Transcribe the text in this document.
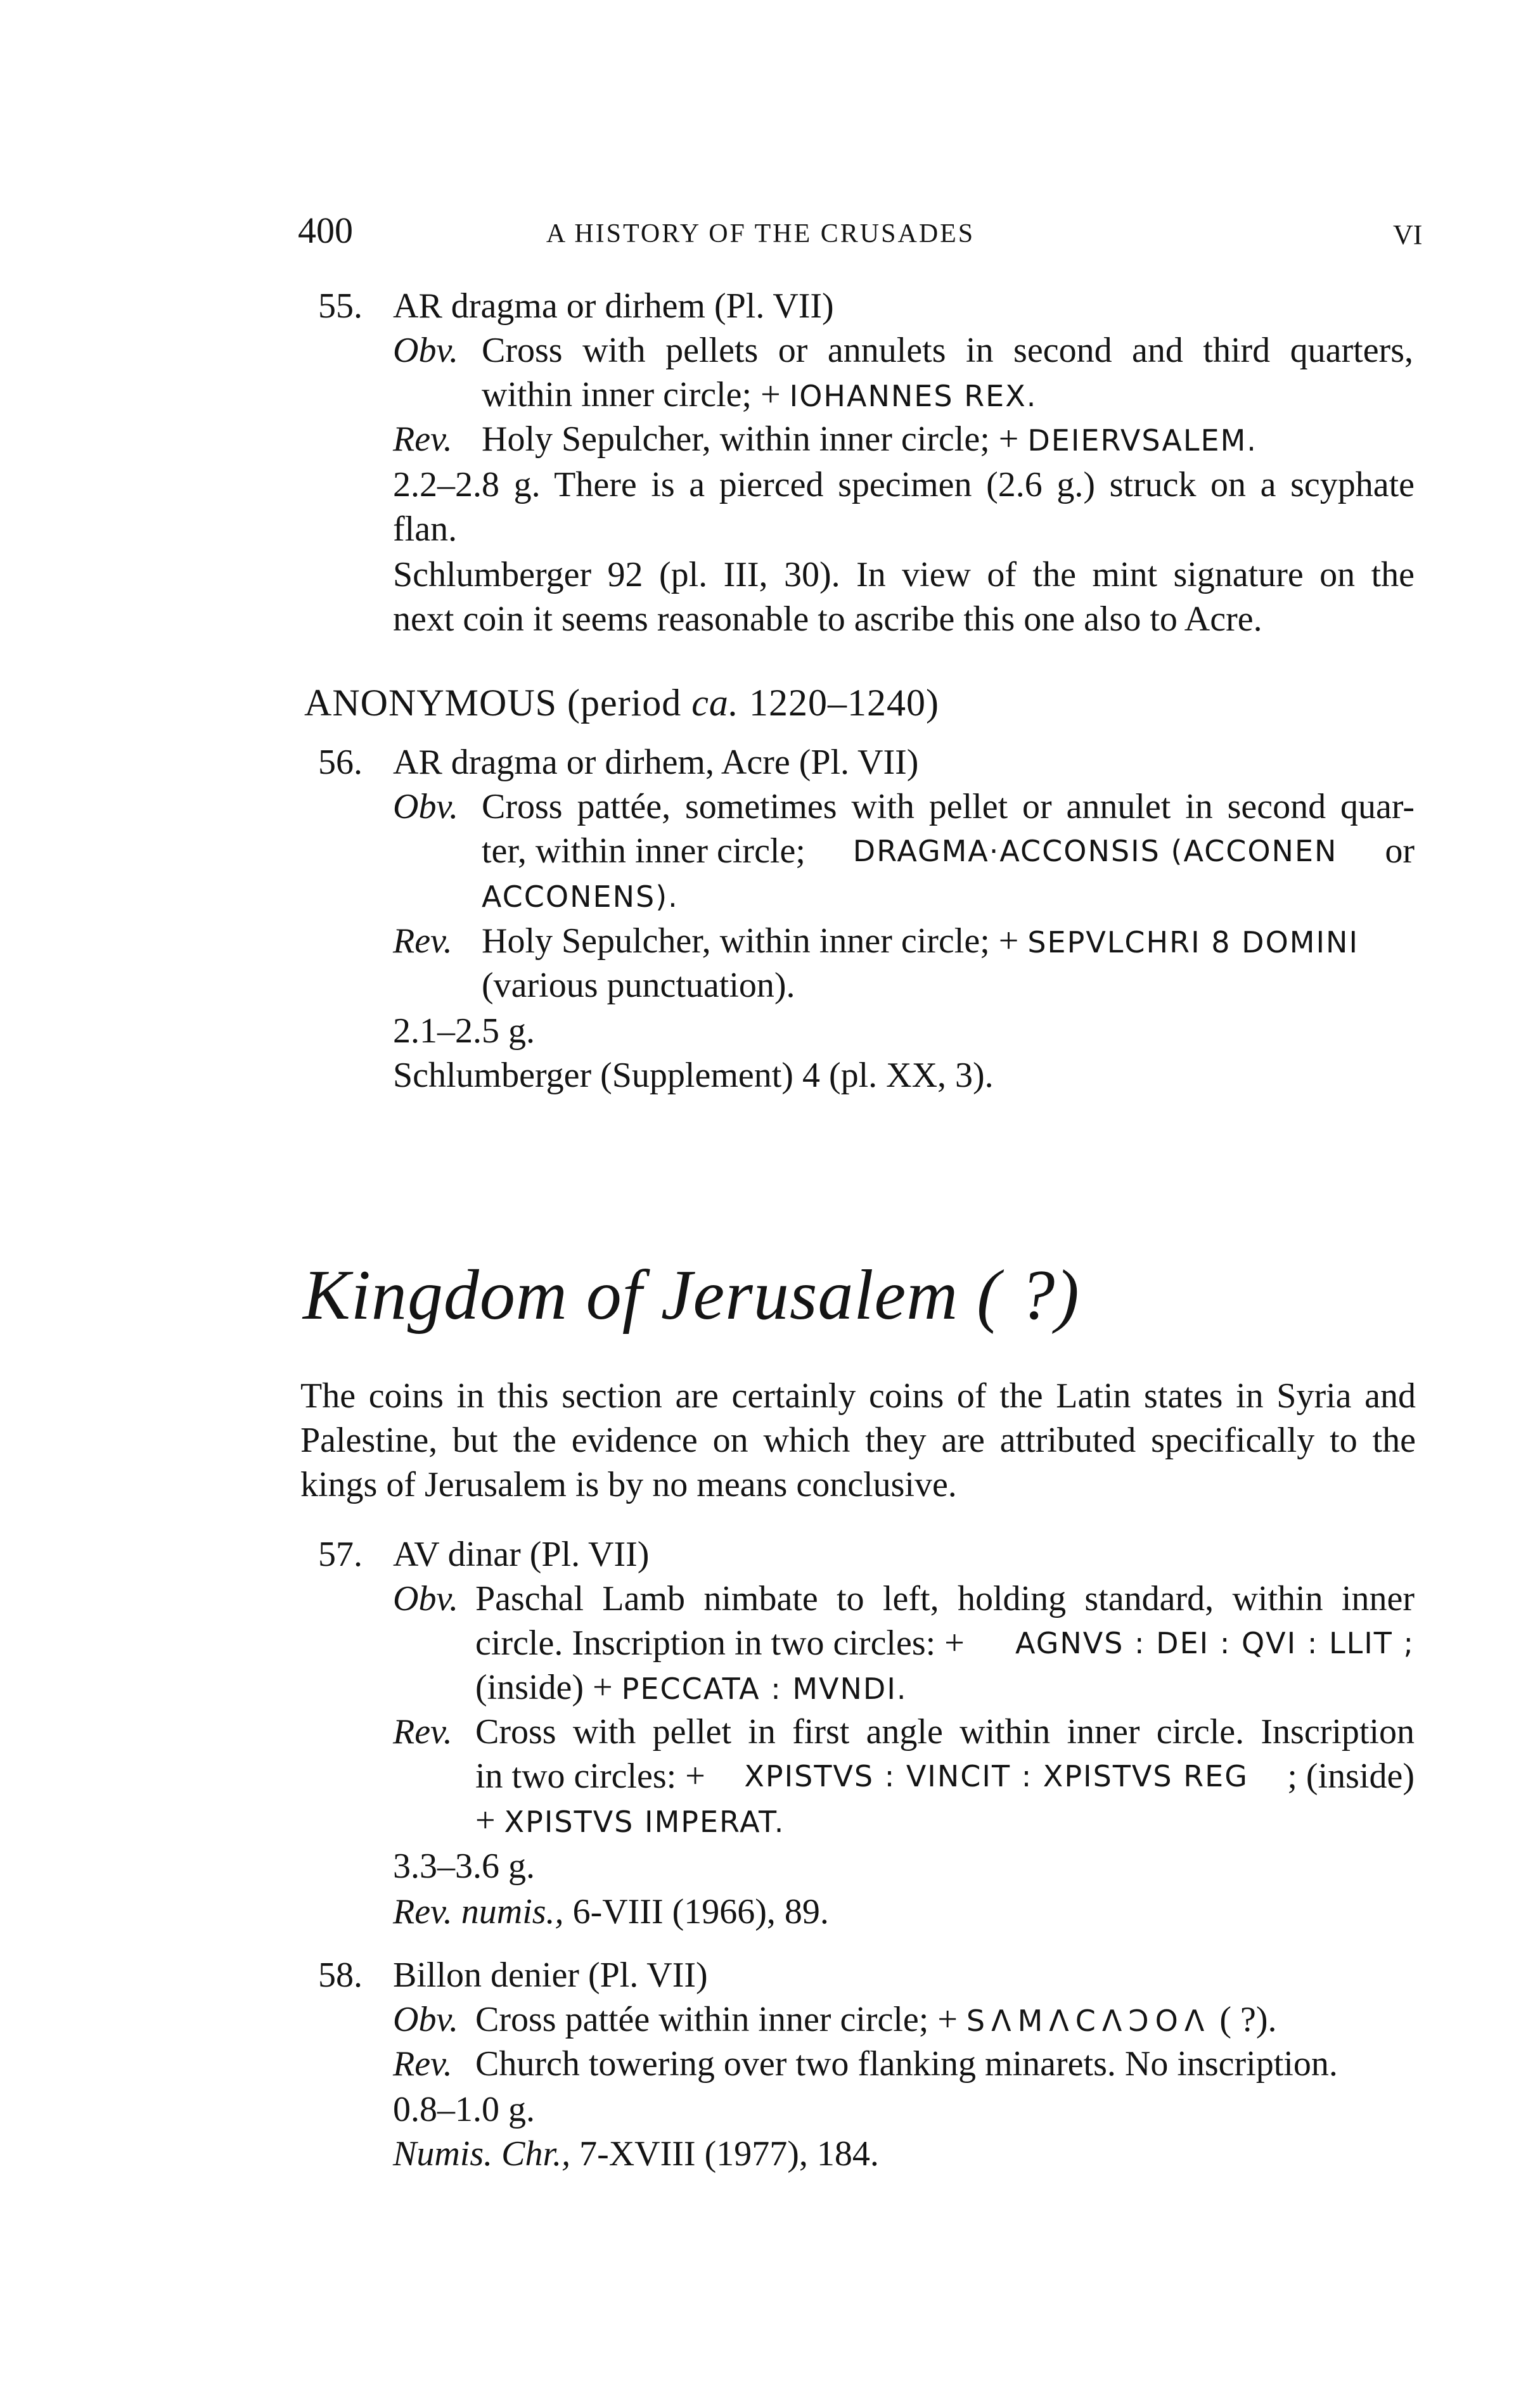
400	A HISTORY OF THE CRUSADES	VI
55. AR dragma or dirhem (Pl. VII)
Obv. Cross with pellets or annulets in second and third quarters,
within inner circle; + IOHANNES REX.
Rev. Holy Sepulcher, within inner circle; + DEIERVSALEM.
2.2–2.8 g. There is a pierced specimen (2.6 g.) struck on a scyphate
flan.
Schlumberger 92 (pl. III, 30). In view of the mint signature on the
next coin it seems reasonable to ascribe this one also to Acre.
ANONYMOUS (period ca. 1220–1240)
56. AR dragma or dirhem, Acre (Pl. VII)
Obv. Cross pattée, sometimes with pellet or annulet in second quar-
ter, within inner circle; DRAGMA·ACCONSIS (ACCONEN or
ACCONENS).
Rev. Holy Sepulcher, within inner circle; + SEPVLCHRI 8 DOMINI
(various punctuation).
2.1–2.5 g.
Schlumberger (Supplement) 4 (pl. XX, 3).
Kingdom of Jerusalem ( ?)
The coins in this section are certainly coins of the Latin states in Syria and
Palestine, but the evidence on which they are attributed specifically to the
kings of Jerusalem is by no means conclusive.
57. AV dinar (Pl. VII)
Obv. Paschal Lamb nimbate to left, holding standard, within inner
circle. Inscription in two circles: + AGNVS : DEI : QVI : LLIT ;
(inside) + PECCATA : MVNDI.
Rev. Cross with pellet in first angle within inner circle. Inscription
in two circles: + XPISTVS : VINCIT : XPISTVS REG ; (inside)
+ XPISTVS IMPERAT.
3.3–3.6 g.
Rev. numis., 6-VIII (1966), 89.
58. Billon denier (Pl. VII)
Obv. Cross pattée within inner circle; + SΛMΛCΛϽOΛ ( ?).
Rev. Church towering over two flanking minarets. No inscription.
0.8–1.0 g.
Numis. Chr., 7-XVIII (1977), 184.
